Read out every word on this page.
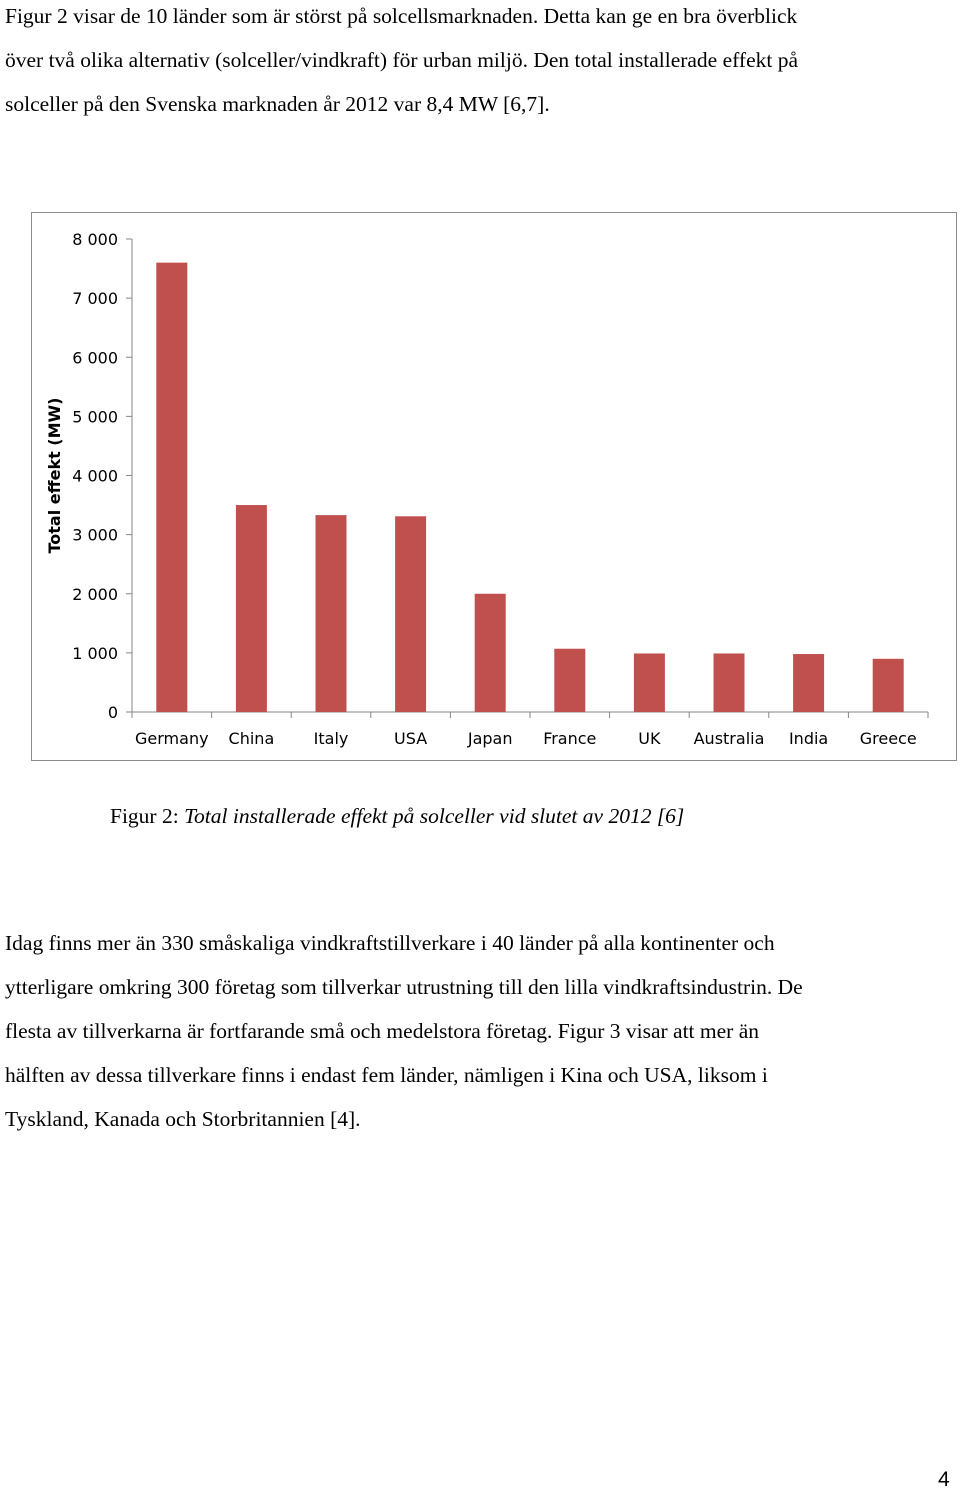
Figur 2 visar de 10 länder som är störst på solcellsmarknaden. Detta kan ge en bra överblick
över två olika alternativ (solceller/vindkraft) för urban miljö. Den total installerade effekt på
solceller på den Svenska marknaden år 2012 var 8,4 MW [6,7].
0
1 000
2 000
3 000
4 000
5 000
6 000
7 000
8 000
Germany China Italy	USA	Japan France	UK Australia India Greece
Total effekt (MW)
Figur 2: Total installerade effekt på solceller vid slutet av 2012 [6]
Idag finns mer än 330 småskaliga vindkraftstillverkare i 40 länder på alla kontinenter och
ytterligare omkring 300 företag som tillverkar utrustning till den lilla vindkraftsindustrin. De
flesta av tillverkarna är fortfarande små och medelstora företag. Figur 3 visar att mer än
hälften av dessa tillverkare finns i endast fem länder, nämligen i Kina och USA, liksom i
Tyskland, Kanada och Storbritannien [4].
4
